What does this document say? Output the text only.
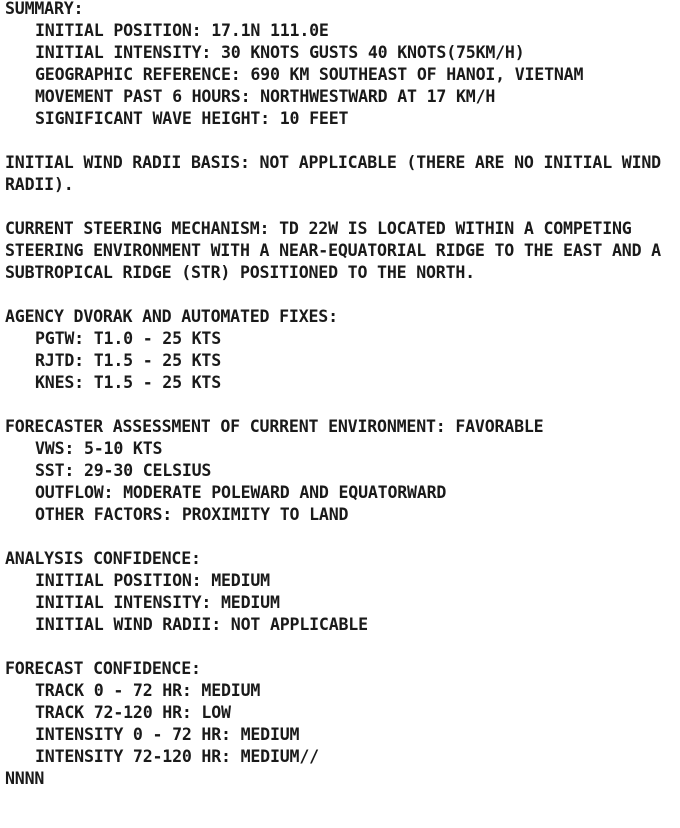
SUMMARY:
INITIAL POSITION: 17.1N 111.0E
INITIAL INTENSITY: 30 KNOTS GUSTS 40 KNOTS(75KM/H)
GEOGRAPHIC REFERENCE: 690 KM SOUTHEAST OF HANOI, VIETNAM
MOVEMENT PAST 6 HOURS: NORTHWESTWARD AT 17 KM/H
SIGNIFICANT WAVE HEIGHT: 10 FEET
INITIAL WIND RADII BASIS: NOT APPLICABLE (THERE ARE NO INITIAL WIND
RADII).
CURRENT STEERING MECHANISM: TD 22W IS LOCATED WITHIN A COMPETING
STEERING ENVIRONMENT WITH A NEAR-EQUATORIAL RIDGE TO THE EAST AND A
SUBTROPICAL RIDGE (STR) POSITIONED TO THE NORTH.
AGENCY DVORAK AND AUTOMATED FIXES:
PGTW: T1.0 - 25 KTS
RJTD: T1.5 - 25 KTS
KNES: T1.5 - 25 KTS
FORECASTER ASSESSMENT OF CURRENT ENVIRONMENT: FAVORABLE
VWS: 5-10 KTS
SST: 29-30 CELSIUS
OUTFLOW: MODERATE POLEWARD AND EQUATORWARD
OTHER FACTORS: PROXIMITY TO LAND
ANALYSIS CONFIDENCE:
INITIAL POSITION: MEDIUM
INITIAL INTENSITY: MEDIUM
INITIAL WIND RADII: NOT APPLICABLE
FORECAST CONFIDENCE:
TRACK 0 - 72 HR: MEDIUM
TRACK 72-120 HR: LOW
INTENSITY 0 - 72 HR: MEDIUM
INTENSITY 72-120 HR: MEDIUM//
NNNN
